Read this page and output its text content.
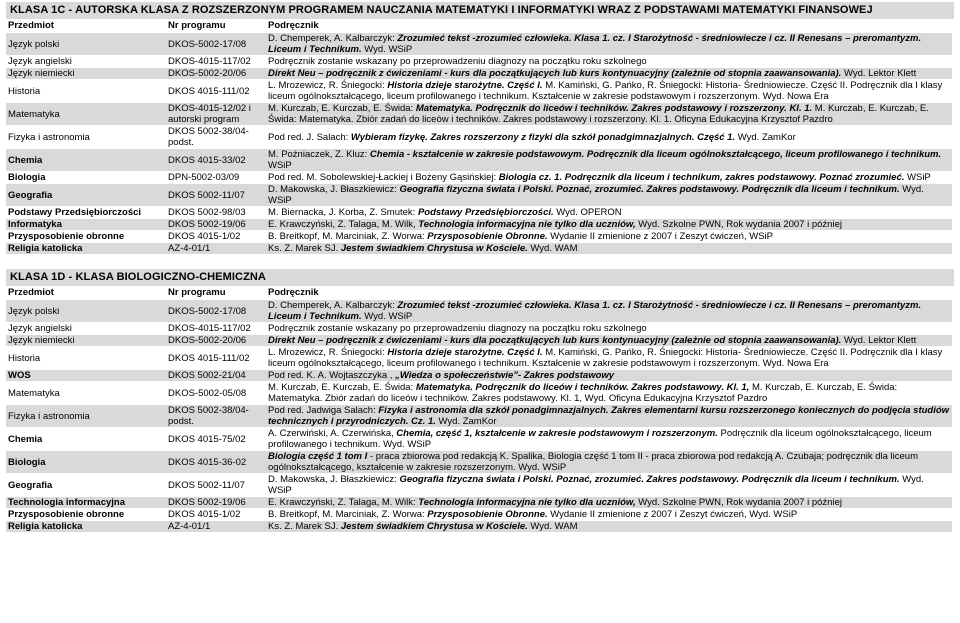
KLASA 1C - AUTORSKA KLASA Z ROZSZERZONYM PROGRAMEM NAUCZANIA MATEMATYKI I INFORMATYKI WRAZ Z PODSTAWAMI MATEMATYKI FINANSOWEJ
Przedmiot	Nr programu	Podręcznik
Język polski	DKOS-5002-17/08	D. Chemperek, A. Kalbarczyk: Zrozumieć tekst -zrozumieć człowieka. Klasa 1. cz. I Starożytność - średniowiecze i cz. II Renesans – preromantyzm. Liceum i Technikum. Wyd. WSiP
Język angielski	DKOS-4015-117/02	Podręcznik zostanie wskazany po przeprowadzeniu diagnozy na początku roku szkolnego
Język niemiecki	DKOS-5002-20/06	Direkt Neu – podręcznik z ćwiczeniami - kurs dla początkujących lub kurs kontynuacyjny (zależnie od stopnia zaawansowania). Wyd. Lektor Klett
Historia	DKOS 4015-111/02	L. Mrozewicz, R. Śniegocki: Historia dzieje starożytne. Część I. M. Kamiński, G. Pańko, R. Śniegocki: Historia- Średniowiecze. Część II. Podręcznik dla I klasy liceum ogólnokształcącego, liceum profilowanego i technikum. Kształcenie w zakresie podstawowym i rozszerzonym. Wyd. Nowa Era
Matematyka	DKOS-4015-12/02 i autorski program	M. Kurczab, E. Kurczab, E. Świda: Matematyka. Podręcznik do liceów i techników. Zakres podstawowy i rozszerzony. Kl. 1. M. Kurczab, E. Kurczab, E. Świda: Matematyka. Zbiór zadań do liceów i techników. Zakres podstawowy i rozszerzony. Kl. 1. Oficyna Edukacyjna Krzysztof Pazdro
Fizyka i astronomia	DKOS 5002-38/04-podst.	Pod red. J. Salach: Wybieram fizykę. Zakres rozszerzony z fizyki dla szkół ponadgimnazjalnych. Część 1. Wyd. ZamKor
Chemia	DKOS 4015-33/02	M. Poźniaczek, Z. Kluz: Chemia - kształcenie w zakresie podstawowym. Podręcznik dla liceum ogólnokształcącego, liceum profilowanego i technikum. WSiP
Biologia	DPN-5002-03/09	Pod red. M. Sobolewskiej-Łackiej i Bożeny Gąsińskiej: Biologia cz. 1. Podręcznik dla liceum i technikum, zakres podstawowy. Poznać zrozumieć. WSiP
Geografia	DKOS 5002-11/07	D. Makowska, J. Błaszkiewicz: Geografia fizyczna świata i Polski. Poznać, zrozumieć. Zakres podstawowy. Podręcznik dla liceum i technikum. Wyd. WSiP
Podstawy Przedsiębiorczości	DKOS 5002-98/03	M. Biernacka, J. Korba, Z. Smutek: Podstawy Przedsiębiorczości. Wyd. OPERON
Informatyka	DKOS 5002-19/06	E. Krawczyński, Z. Talaga, M. Wilk, Technologia informacyjna nie tylko dla uczniów, Wyd. Szkolne PWN, Rok wydania 2007 i później
Przysposobienie obronne	DKOS 4015-1/02	B. Breitkopf, M. Marciniak, Z. Worwa: Przysposobienie Obronne. Wydanie II zmienione z 2007 i Zeszyt ćwiczeń, WSiP
Religia katolicka	AZ-4-01/1	Ks. Z. Marek SJ. Jestem świadkiem Chrystusa w Kościele. Wyd. WAM
KLASA 1D - KLASA BIOLOGICZNO-CHEMICZNA
Przedmiot	Nr programu	Podręcznik
Język polski	DKOS-5002-17/08	D. Chemperek, A. Kalbarczyk: Zrozumieć tekst -zrozumieć człowieka. Klasa 1. cz. I Starożytność - średniowiecze i cz. II Renesans – preromantyzm. Liceum i Technikum. Wyd. WSiP
Język angielski	DKOS-4015-117/02	Podręcznik zostanie wskazany po przeprowadzeniu diagnozy na początku roku szkolnego
Język niemiecki	DKOS-5002-20/06	Direkt Neu – podręcznik z ćwiczeniami - kurs dla początkujących lub kurs kontynuacyjny (zależnie od stopnia zaawansowania). Wyd. Lektor Klett
Historia	DKOS 4015-111/02	L. Mrozewicz, R. Śniegocki: Historia dzieje starożytne. Część I. M. Kamiński, G. Pańko, R. Śniegocki: Historia- Średniowiecze. Część II. Podręcznik dla I klasy liceum ogólnokształcącego, liceum profilowanego i technikum. Kształcenie w zakresie podstawowym i rozszerzonym. Wyd. Nowa Era
WOS	DKOS 5002-21/04	Pod red. K. A. Wojtaszczyka , „Wiedza o społeczeństwie”- Zakres podstawowy
Matematyka	DKOS-5002-05/08	M. Kurczab, E. Kurczab, E. Świda: Matematyka. Podręcznik do liceów i techników. Zakres podstawowy. Kl. 1, M. Kurczab, E. Kurczab, E. Świda: Matematyka. Zbiór zadań do liceów i techników. Zakres podstawowy. Kl. 1, Wyd. Oficyna Edukacyjna Krzysztof Pazdro
Fizyka i astronomia	DKOS 5002-38/04-podst.	Pod red. Jadwiga Salach: Fizyka i astronomia dla szkół ponadgimnazjalnych. Zakres elementarni kursu rozszerzonego koniecznych do podjęcia studiów technicznych i przyrodniczych. Cz. 1. Wyd. ZamKor
Chemia	DKOS 4015-75/02	A. Czerwiński, A. Czerwińska, Chemia, część 1, kształcenie w zakresie podstawowym i rozszerzonym. Podręcznik dla liceum ogólnokształcącego, liceum profilowanego i technikum. Wyd. WSiP
Biologia	DKOS 4015-36-02	Biologia część 1 tom I - praca zbiorowa pod redakcją K. Spalika, Biologia część 1 tom II - praca zbiorowa pod redakcją A. Czubaja; podręcznik dla liceum ogólnokształcącego, kształcenie w zakresie rozszerzonym. Wyd. WSiP
Geografia	DKOS 5002-11/07	D. Makowska, J. Błaszkiewicz: Geografia fizyczna świata i Polski. Poznać, zrozumieć. Zakres podstawowy. Podręcznik dla liceum i technikum. Wyd. WSiP
Technologia informacyjna	DKOS 5002-19/06	E. Krawczyński, Z. Talaga, M. Wilk: Technologia informacyjna nie tylko dla uczniów, Wyd. Szkolne PWN, Rok wydania 2007 i później
Przysposobienie obronne	DKOS 4015-1/02	B. Breitkopf, M. Marciniak, Z. Worwa: Przysposobienie Obronne. Wydanie II zmienione z 2007 i Zeszyt ćwiczeń, Wyd. WSiP
Religia katolicka	AZ-4-01/1	Ks. Z. Marek SJ. Jestem świadkiem Chrystusa w Kościele. Wyd. WAM
